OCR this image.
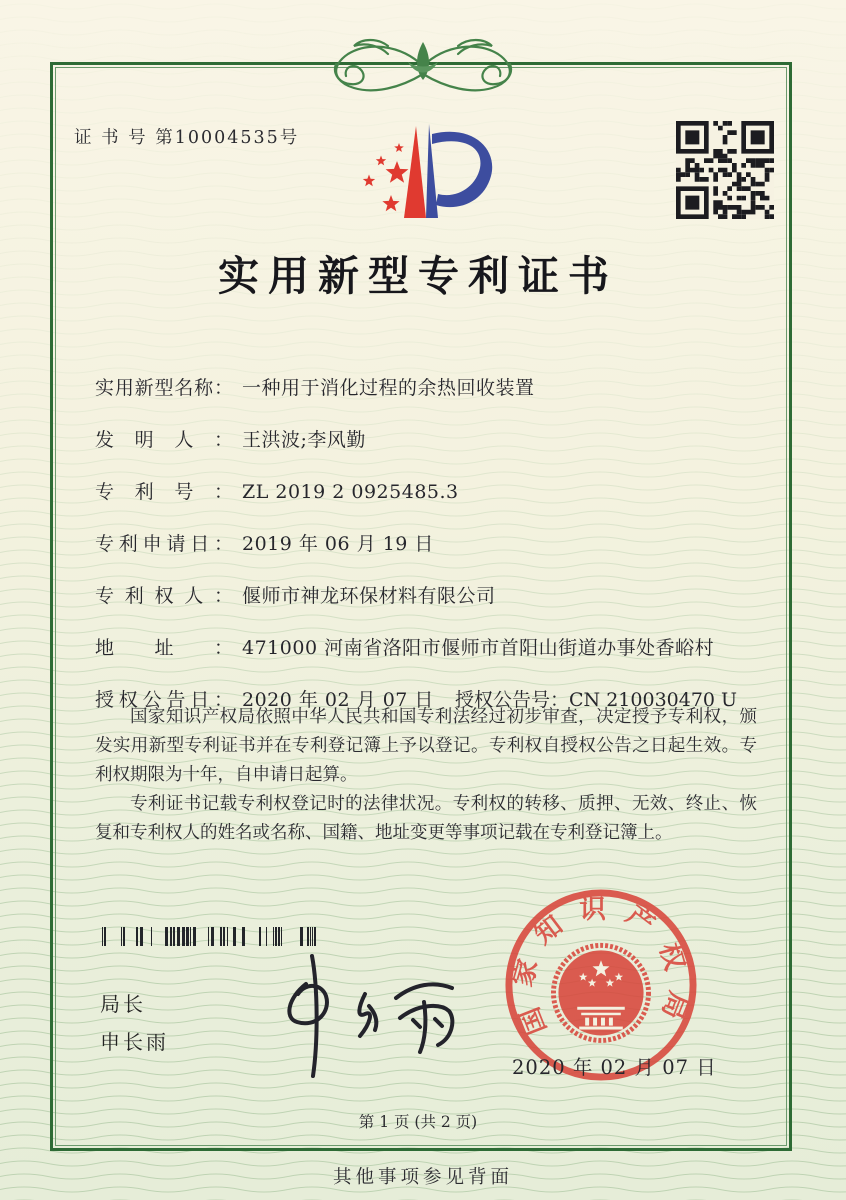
证 书 号 第10004535号
实用新型专利证书
实用新型名称： 一种用于消化过程的余热回收装置
发明人： 王洪波;李风勤
专利号： ZL 2019 2 0925485.3
专利申请日： 2019 年 06 月 19 日
专利权人： 偃师市神龙环保材料有限公司
地址： 471000 河南省洛阳市偃师市首阳山街道办事处香峪村
授权公告日： 2020 年 02 月 07 日 授权公告号：CN 210030470 U

国家知识产权局依照中华人民共和国专利法经过初步审查，决定授予专利权，颁发实用新型专利证书并在专利登记簿上予以登记。专利权自授权公告之日起生效。专利权期限为十年，自申请日起算。

专利证书记载专利权登记时的法律状况。专利权的转移、质押、无效、终止、恢复和专利权人的姓名或名称、国籍、地址变更等事项记载在专利登记簿上。

局长
申长雨
国家知识产权局
2020 年 02 月 07 日
第 1 页 (共 2 页)
其他事项参见背面
